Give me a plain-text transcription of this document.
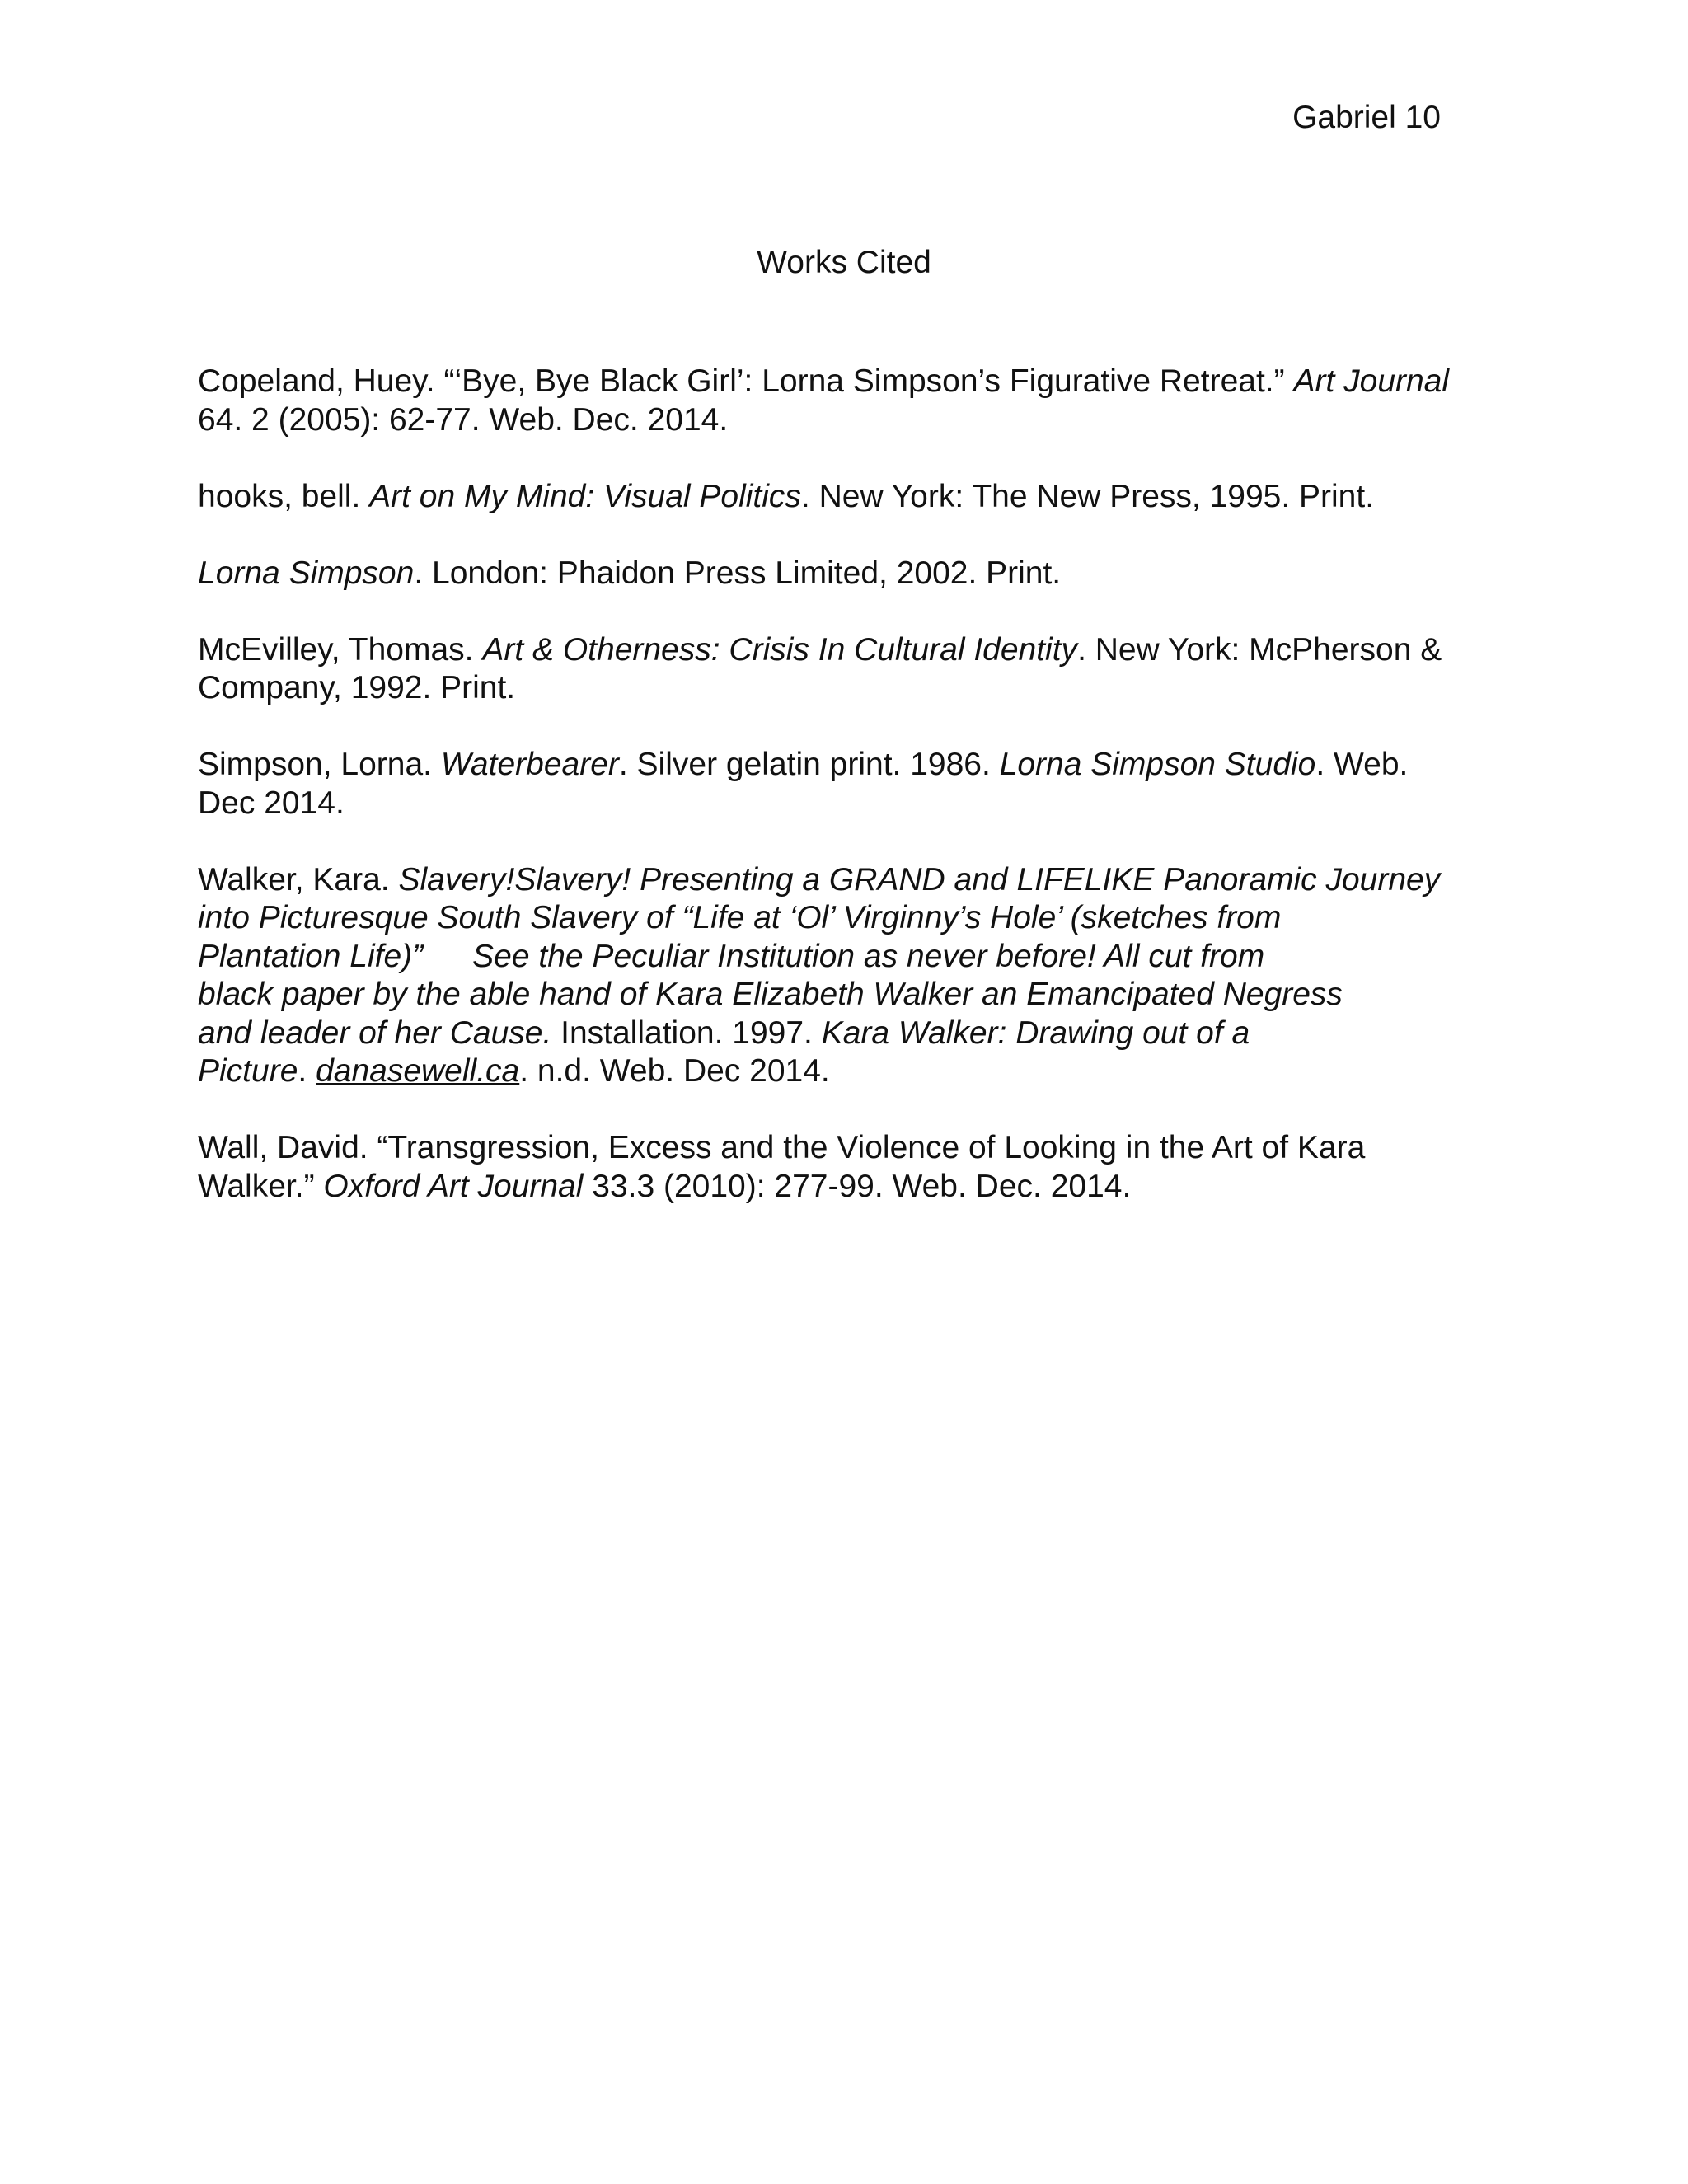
Gabriel 10
Works Cited
Copeland, Huey. “‘Bye, Bye Black Girl’: Lorna Simpson’s Figurative Retreat.” Art Journal
64. 2 (2005): 62-77. Web. Dec. 2014.
hooks, bell. Art on My Mind: Visual Politics. New York: The New Press, 1995. Print.
Lorna Simpson. London: Phaidon Press Limited, 2002. Print.
McEvilley, Thomas. Art & Otherness: Crisis In Cultural Identity. New York: McPherson &
Company, 1992. Print.
Simpson, Lorna. Waterbearer. Silver gelatin print. 1986. Lorna Simpson Studio. Web.
Dec 2014.
Walker, Kara. Slavery!Slavery! Presenting a GRAND and LIFELIKE Panoramic Journey
into Picturesque South Slavery of “Life at ‘Ol’ Virginny’s Hole’ (sketches from
Plantation Life)” See the Peculiar Institution as never before! All cut from
black paper by the able hand of Kara Elizabeth Walker an Emancipated Negress
and leader of her Cause. Installation. 1997. Kara Walker: Drawing out of a
Picture. danasewell.ca. n.d. Web. Dec 2014.
Wall, David. “Transgression, Excess and the Violence of Looking in the Art of Kara
Walker.” Oxford Art Journal 33.3 (2010): 277-99. Web. Dec. 2014.
